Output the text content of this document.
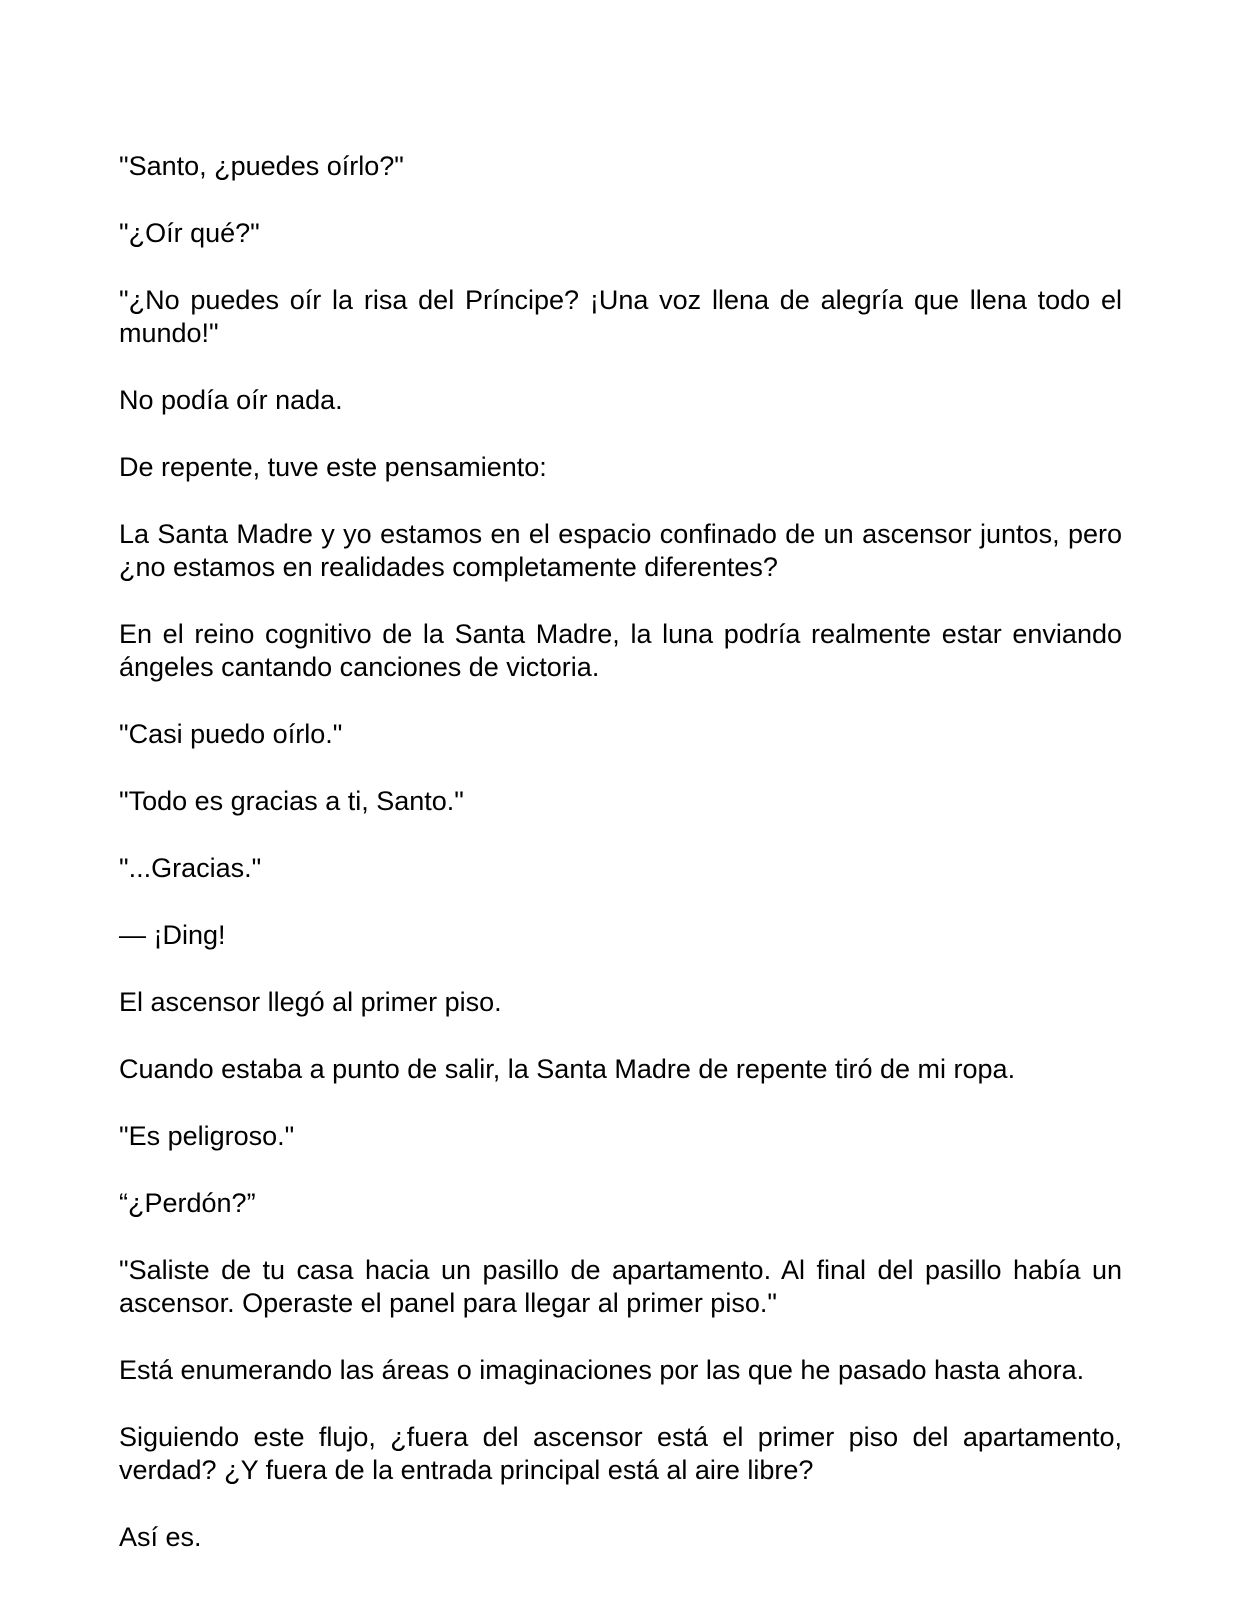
"Santo, ¿puedes oírlo?"

"¿Oír qué?"

"¿No puedes oír la risa del Príncipe? ¡Una voz llena de alegría que llena todo el mundo!"

No podía oír nada.

De repente, tuve este pensamiento:

La Santa Madre y yo estamos en el espacio confinado de un ascensor juntos, pero ¿no estamos en realidades completamente diferentes?

En el reino cognitivo de la Santa Madre, la luna podría realmente estar enviando ángeles cantando canciones de victoria.

"Casi puedo oírlo."

"Todo es gracias a ti, Santo."

"...Gracias."

— ¡Ding!

El ascensor llegó al primer piso.

Cuando estaba a punto de salir, la Santa Madre de repente tiró de mi ropa.

"Es peligroso."

“¿Perdón?”

"Saliste de tu casa hacia un pasillo de apartamento. Al final del pasillo había un ascensor. Operaste el panel para llegar al primer piso."

Está enumerando las áreas o imaginaciones por las que he pasado hasta ahora.

Siguiendo este flujo, ¿fuera del ascensor está el primer piso del apartamento, verdad? ¿Y fuera de la entrada principal está al aire libre?

Así es.
